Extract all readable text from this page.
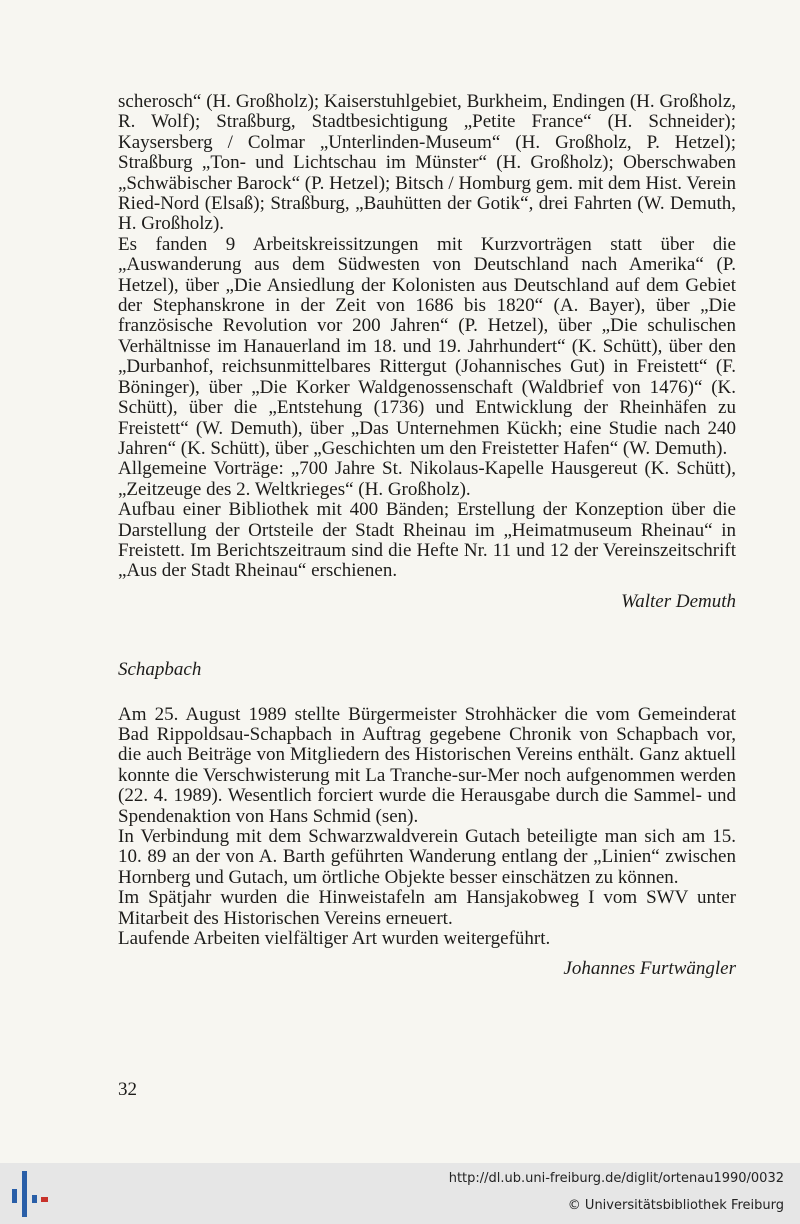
scherosch“ (H. Großholz); Kaiserstuhlgebiet, Burkheim, Endingen (H. Großholz, R. Wolf); Straßburg, Stadtbesichtigung „Petite France“ (H. Schneider); Kaysersberg / Colmar „Unterlinden-Museum“ (H. Großholz, P. Hetzel); Straßburg „Ton- und Lichtschau im Münster“ (H. Großholz); Oberschwaben „Schwäbischer Barock“ (P. Hetzel); Bitsch / Homburg gem. mit dem Hist. Verein Ried-Nord (Elsaß); Straßburg, „Bauhütten der Gotik“, drei Fahrten (W. Demuth, H. Großholz).

Es fanden 9 Arbeitskreissitzungen mit Kurzvorträgen statt über die „Auswanderung aus dem Südwesten von Deutschland nach Amerika“ (P. Hetzel), über „Die Ansiedlung der Kolonisten aus Deutschland auf dem Gebiet der Stephanskrone in der Zeit von 1686 bis 1820“ (A. Bayer), über „Die französische Revolution vor 200 Jahren“ (P. Hetzel), über „Die schulischen Verhältnisse im Hanauerland im 18. und 19. Jahrhundert“ (K. Schütt), über den „Durbanhof, reichsunmittelbares Rittergut (Johannisches Gut) in Freistett“ (F. Böninger), über „Die Korker Waldgenossenschaft (Waldbrief von 1476)“ (K. Schütt), über die „Entstehung (1736) und Entwicklung der Rheinhäfen zu Freistett“ (W. Demuth), über „Das Unternehmen Kückh; eine Studie nach 240 Jahren“ (K. Schütt), über „Geschichten um den Freistetter Hafen“ (W. Demuth).

Allgemeine Vorträge: „700 Jahre St. Nikolaus-Kapelle Hausgereut (K. Schütt), „Zeitzeuge des 2. Weltkrieges“ (H. Großholz).

Aufbau einer Bibliothek mit 400 Bänden; Erstellung der Konzeption über die Darstellung der Ortsteile der Stadt Rheinau im „Heimatmuseum Rheinau“ in Freistett. Im Berichtszeitraum sind die Hefte Nr. 11 und 12 der Vereinszeitschrift „Aus der Stadt Rheinau“ erschienen.

Walter Demuth

Schapbach

Am 25. August 1989 stellte Bürgermeister Strohhäcker die vom Gemeinderat Bad Rippoldsau-Schapbach in Auftrag gegebene Chronik von Schapbach vor, die auch Beiträge von Mitgliedern des Historischen Vereins enthält. Ganz aktuell konnte die Verschwisterung mit La Tranche-sur-Mer noch aufgenommen werden (22. 4. 1989). Wesentlich forciert wurde die Herausgabe durch die Sammel- und Spendenaktion von Hans Schmid (sen).

In Verbindung mit dem Schwarzwaldverein Gutach beteiligte man sich am 15. 10. 89 an der von A. Barth geführten Wanderung entlang der „Linien“ zwischen Hornberg und Gutach, um örtliche Objekte besser einschätzen zu können.

Im Spätjahr wurden die Hinweistafeln am Hansjakobweg I vom SWV unter Mitarbeit des Historischen Vereins erneuert.

Laufende Arbeiten vielfältiger Art wurden weitergeführt.

Johannes Furtwängler

32
http://dl.ub.uni-freiburg.de/diglit/ortenau1990/0032
© Universitätsbibliothek Freiburg
